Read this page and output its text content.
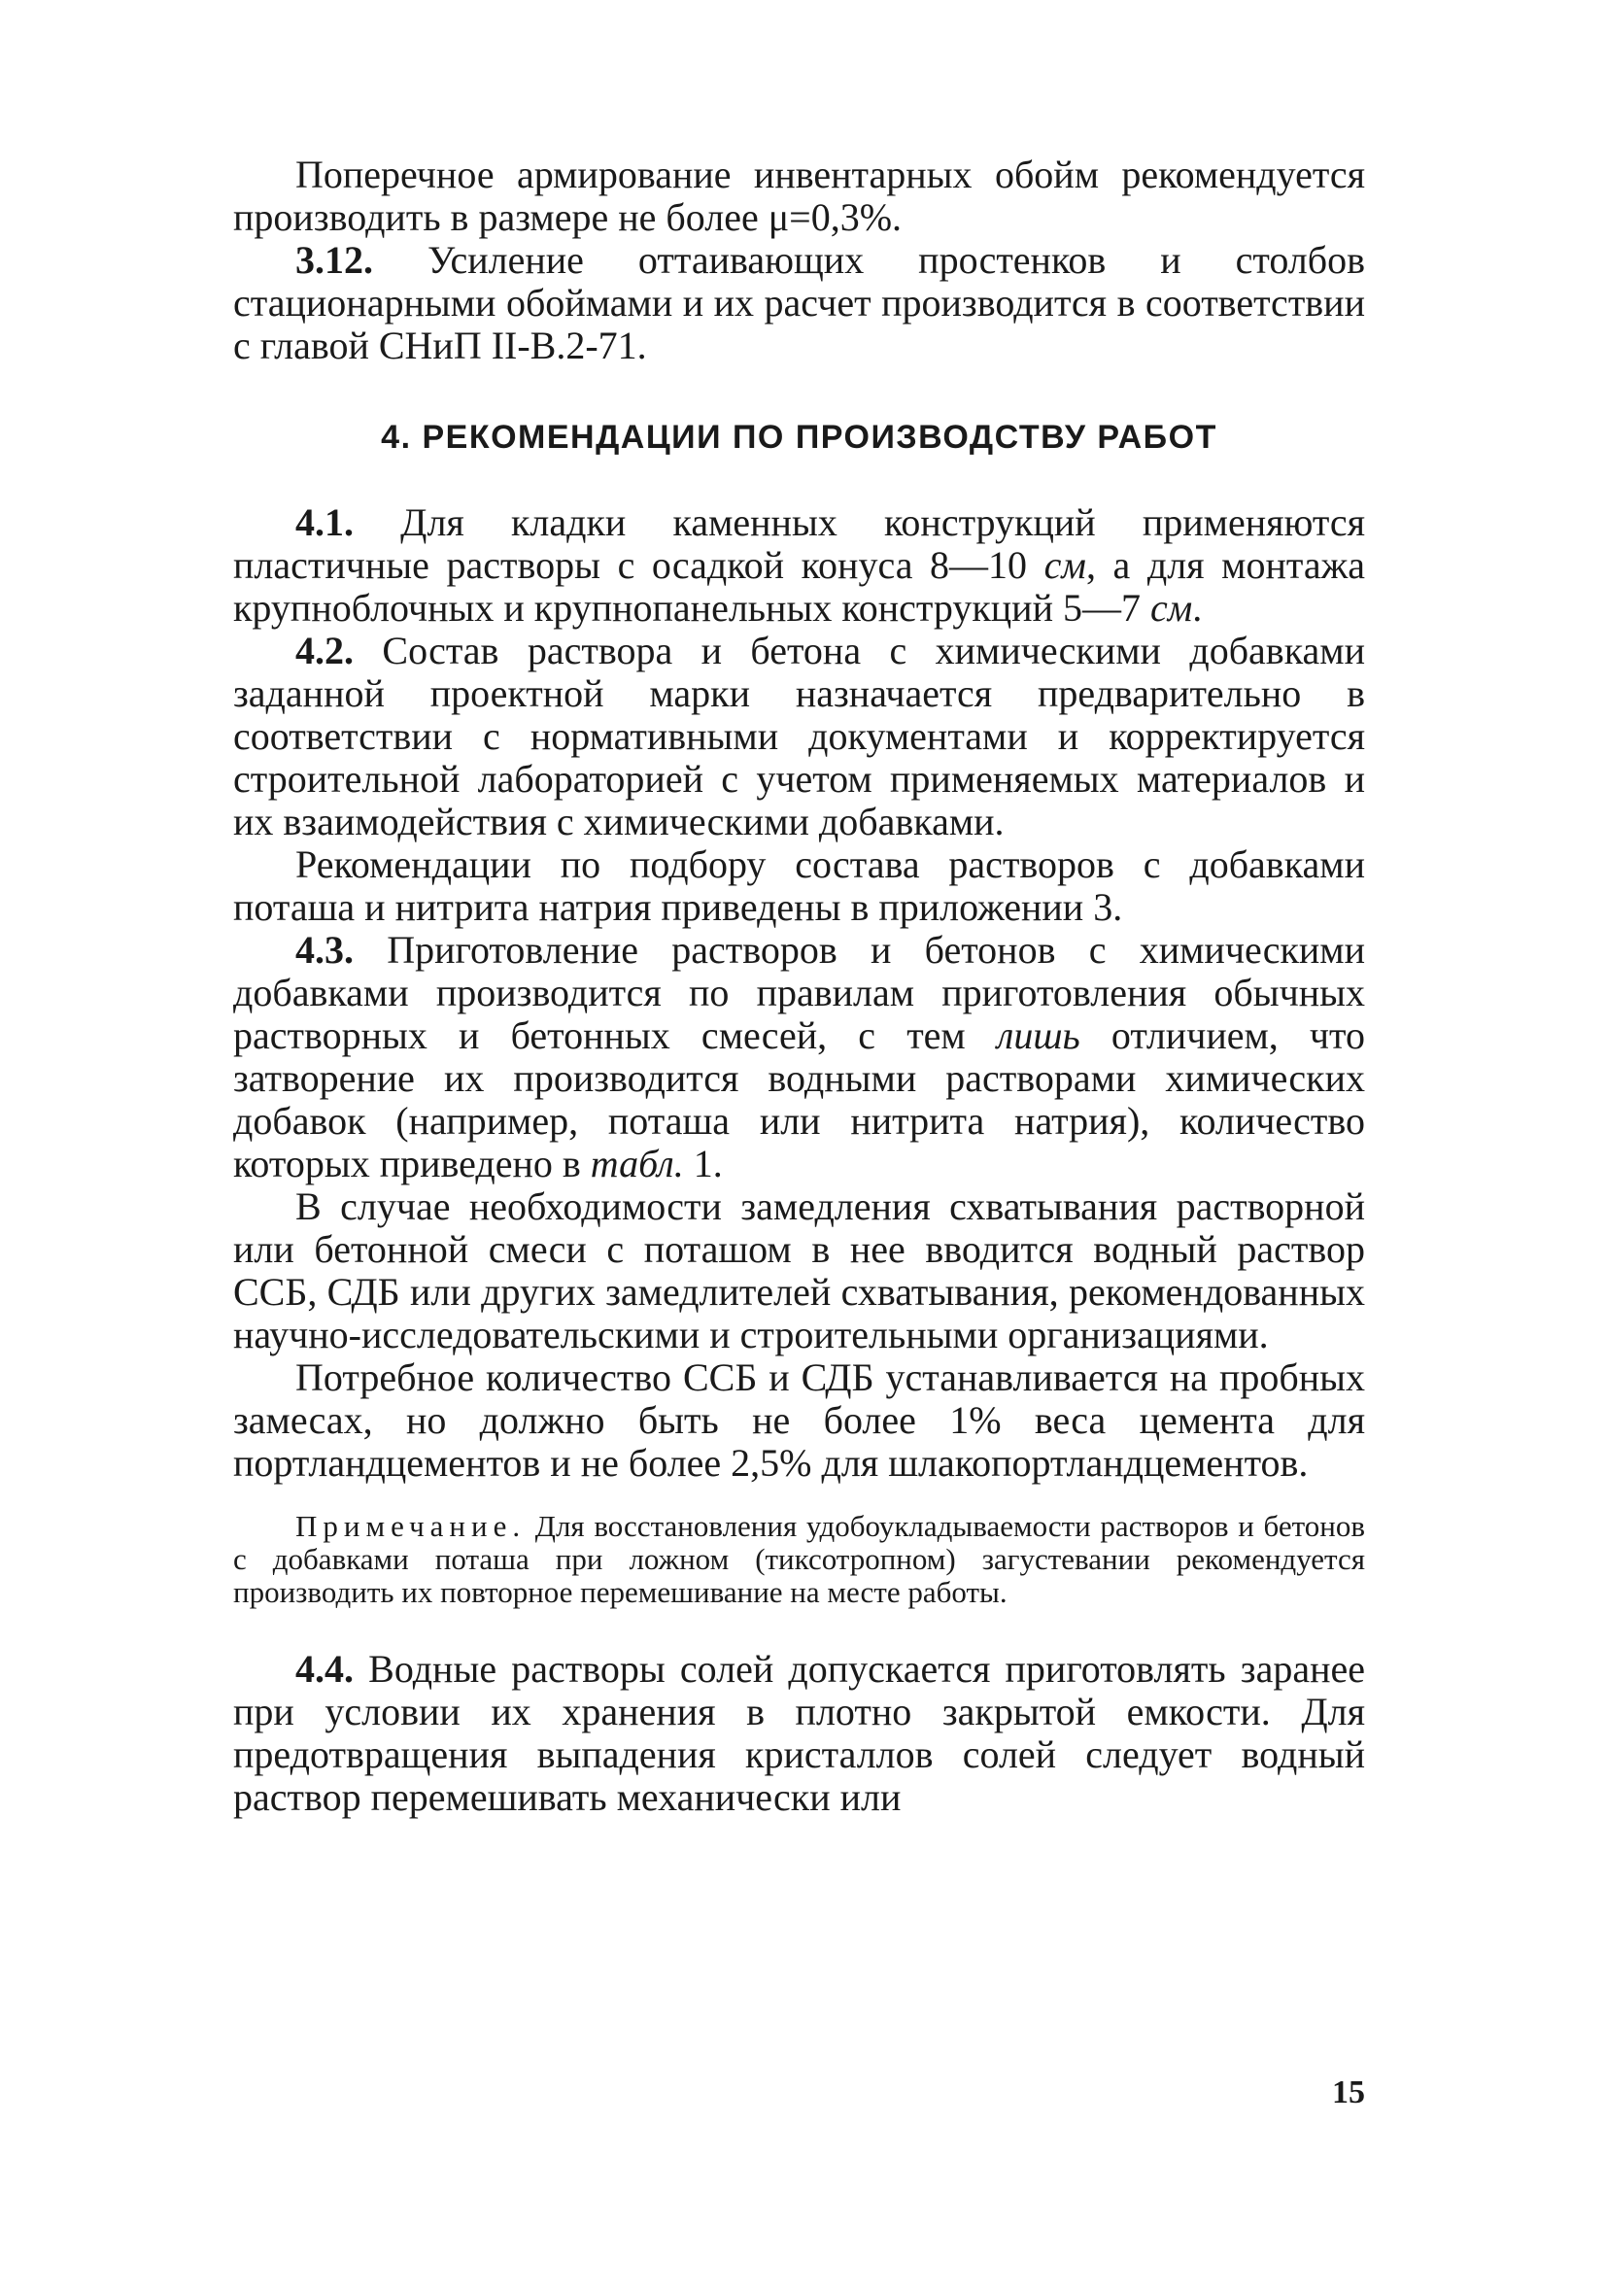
Поперечное армирование инвентарных обойм рекомендуется производить в размере не более μ=0,3%.

3.12. Усиление оттаивающих простенков и столбов стационарными обоймами и их расчет производится в соответствии с главой СНиП II-В.2-71.

4. РЕКОМЕНДАЦИИ ПО ПРОИЗВОДСТВУ РАБОТ

4.1. Для кладки каменных конструкций применяются пластичные растворы с осадкой конуса 8—10 см, а для монтажа крупноблочных и крупнопанельных конструкций 5—7 см.

4.2. Состав раствора и бетона с химическими добавками заданной проектной марки назначается предварительно в соответствии с нормативными документами и корректируется строительной лабораторией с учетом применяемых материалов и их взаимодействия с химическими добавками.

Рекомендации по подбору состава растворов с добавками поташа и нитрита натрия приведены в приложении 3.

4.3. Приготовление растворов и бетонов с химическими добавками производится по правилам приготовления обычных растворных и бетонных смесей, с тем лишь отличием, что затворение их производится водными растворами химических добавок (например, поташа или нитрита натрия), количество которых приведено в табл. 1.

В случае необходимости замедления схватывания растворной или бетонной смеси с поташом в нее вводится водный раствор ССБ, СДБ или других замедлителей схватывания, рекомендованных научно-исследовательскими и строительными организациями.

Потребное количество ССБ и СДБ устанавливается на пробных замесах, но должно быть не более 1% веса цемента для портландцементов и не более 2,5% для шлакопортландцементов.

Примечание. Для восстановления удобоукладываемости растворов и бетонов с добавками поташа при ложном (тиксотропном) загустевании рекомендуется производить их повторное перемешивание на месте работы.

4.4. Водные растворы солей допускается приготовлять заранее при условии их хранения в плотно закрытой емкости. Для предотвращения выпадения кристаллов солей следует водный раствор перемешивать механически или

15
